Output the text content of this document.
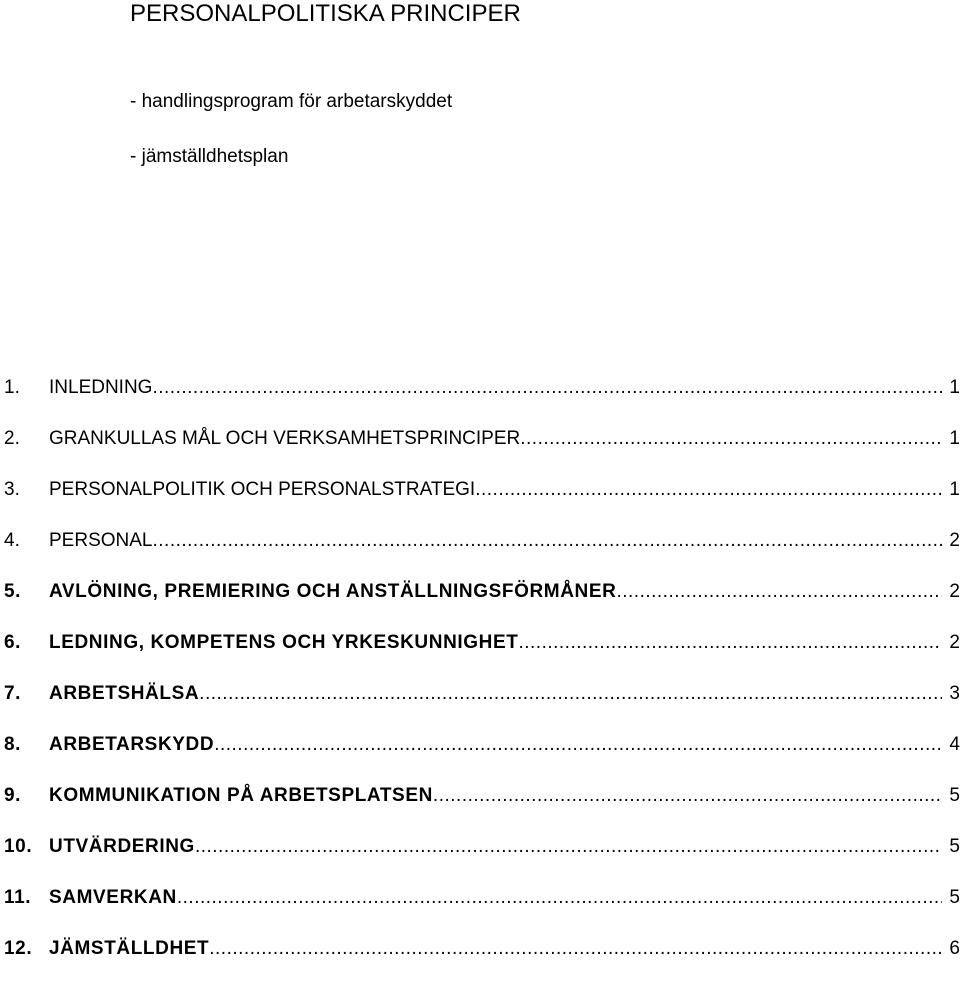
PERSONALPOLITISKA PRINCIPER
- handlingsprogram för arbetarskyddet
- jämställdhetsplan
1.	INLEDNING .....	1
2.	GRANKULLAS MÅL OCH VERKSAMHETSPRINCIPER .....	1
3.	PERSONALPOLITIK OCH PERSONALSTRATEGI .....	1
4.	PERSONAL .....	2
5.	AVLÖNING, PREMIERING OCH ANSTÄLLNINGSFÖRMÅNER .....	2
6.	LEDNING, KOMPETENS OCH YRKESKUNNIGHET .....	2
7.	ARBETSHÄLSA .....	3
8.	ARBETARSKYDD .....	4
9.	KOMMUNIKATION PÅ ARBETSPLATSEN .....	5
10. UTVÄRDERING .....	5
11. SAMVERKAN .....	5
12. JÄMSTÄLLDHET .....	6
